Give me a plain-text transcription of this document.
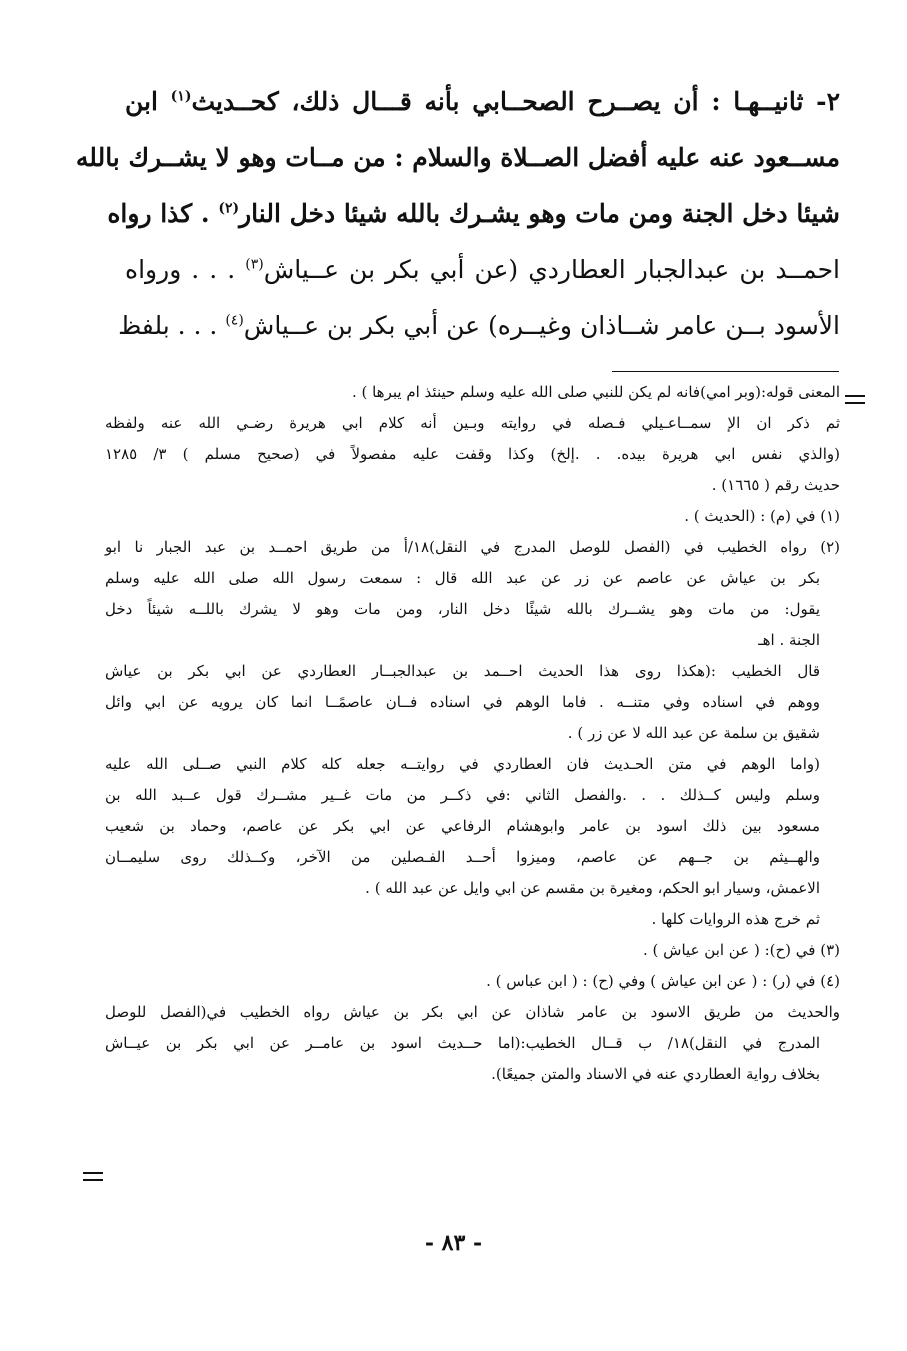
٢- ثانيــهـا : أن يصــرح الصحــابي بأنه قـــال ذلك، كحــديث$^{(١)}$ ابن
مســعود عنه عليه أفضل الصــلاة والسلام : من مــات وهو لا يشــرك بالله
شيئا دخل الجنة ومن مات وهو يشـرك بالله شيئا دخل النار$^{(٢)}$ . كذا رواه
احمــد بن عبدالجبار العطاردي (عن أبي بكر بن عــياش$^{(٣)}$ . . . ورواه
الأسود بــن عامر شــاذان وغيــره) عن أبي بكر بن عــياش$^{(٤)}$ . . . بلفظ
المعنى قوله:(وبر امي)فانه لم يكن للنبي صلى الله عليه وسلم حينئذ ام يبرها ) .
ثم ذكر ان الإ سمــاعـيلي فـصله في روايته وبـين أنه كلام ابي هريرة رضـي الله عنه ولفظه
(والذي نفس ابي هريرة بيده. . .إلخ) وكذا وقفت عليه مفصولاً في (صحيح مسلم ) ٣/ ١٢٨٥
حديث رقم ( ١٦٦٥) .
(١) في (م) : (الحديث ) .
(٢) رواه الخطيب في (الفصل للوصل المدرج في النقل)١٨/أ من طريق احمــد بن عبد الجبار نا ابو
بكر بن عياش عن عاصم عن زر عن عبد الله قال : سمعت رسول الله صلى الله عليه وسلم
يقول: من مات وهو يشــرك بالله شيئًا دخل النار، ومن مات وهو لا يشرك باللــه شيئاً دخل
الجنة . اهـ
قال الخطيب :(هكذا روى هذا الحديث احــمد بن عبدالجبــار العطاردي عن ابي بكر بن عياش
ووهم في اسناده وفي متنــه . فاما الوهم في اسناده فــان عاصمًــا انما كان يرويه عن ابي وائل
شقيق بن سلمة عن عبد الله لا عن زر ) .
(واما الوهم في متن الحـديث فان العطاردي في روايتــه جعله كله كلام النبي صــلى الله عليه
وسلم وليس كــذلك . . .والفصل الثاني :في ذكــر من مات غــير مشــرك قول عــبد الله بن
مسعود بين ذلك اسود بن عامر وابوهشام الرفاعي عن ابي بكر عن عاصم، وحماد بن شعيب
والهــيثم بن جــهم عن عاصم، وميزوا أحــد الفـصلين من الآخر، وكــذلك روى سليمــان
الاعمش، وسيار ابو الحكم، ومغيرة بن مقسم عن ابي وايل عن عبد الله ) .
ثم خرج هذه الروايات كلها .
(٣) في (ح): ( عن ابن عياش ) .
(٤) في (ر) : ( عن ابن عياش ) وفي (ح) : ( ابن عباس ) .
والحديث من طريق الاسود بن عامر شاذان عن ابي بكر بن عياش رواه الخطيب في(الفصل للوصل
المدرج في النقل)١٨/ ب قــال الخطيب:(اما حــديث اسود بن عامــر عن ابي بكر بن عيــاش
بخلاف رواية العطاردي عنه في الاسناد والمتن جميعًا).
- ٨٣ -
